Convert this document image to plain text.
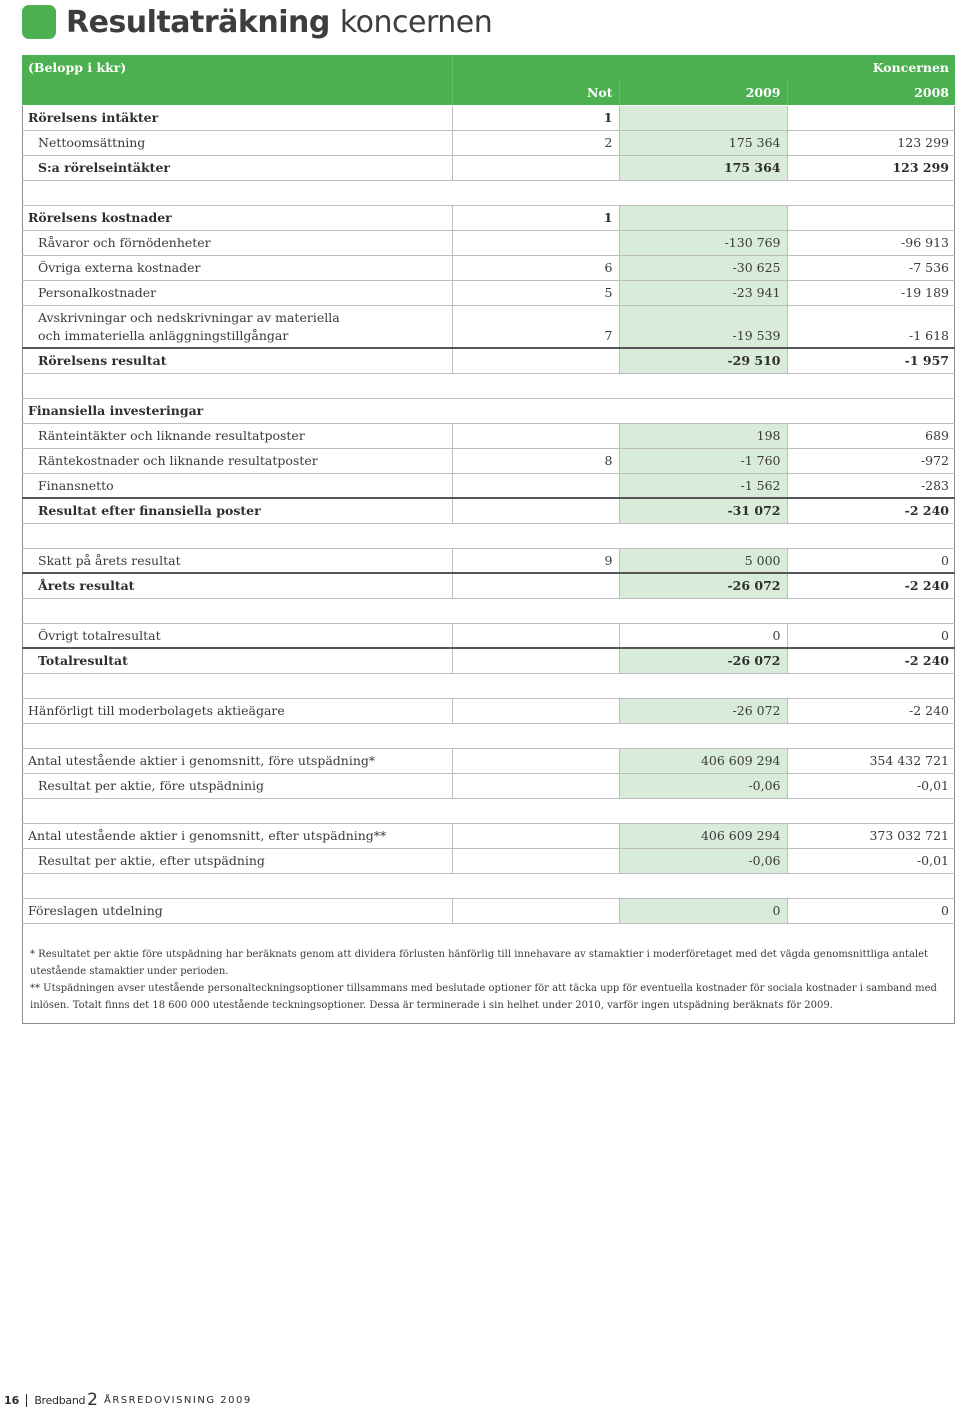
Resultaträkning koncernen
(Belopp i kkr)			Koncernen
	Not	2009	2008
Rörelsens intäkter	1		
Nettoomsättning	2	175 364	123 299
S:a rörelseintäkter		175 364	123 299

Rörelsens kostnader	1		
Råvaror och förnödenheter		-130 769	-96 913
Övriga externa kostnader	6	-30 625	-7 536
Personalkostnader	5	-23 941	-19 189
Avskrivningar och nedskrivningar av materiella och immateriella anläggningstillgångar	7	-19 539	-1 618
Rörelsens resultat		-29 510	-1 957

Finansiella investeringar			
Ränteintäkter och liknande resultatposter		198	689
Räntekostnader och liknande resultatposter	8	-1 760	-972
Finansnetto		-1 562	-283
Resultat efter finansiella poster		-31 072	-2 240

Skatt på årets resultat	9	5 000	0
Årets resultat		-26 072	-2 240

Övrigt totalresultat		0	0
Totalresultat		-26 072	-2 240

Hänförligt till moderbolagets aktieägare		-26 072	-2 240

Antal utestående aktier i genomsnitt, före utspädning*		406 609 294	354 432 721
Resultat per aktie, före utspädninig		-0,06	-0,01

Antal utestående aktier i genomsnitt, efter utspädning**		406 609 294	373 032 721
Resultat per aktie, efter utspädning		-0,06	-0,01

Föreslagen utdelning		0	0

* Resultatet per aktie före utspädning har beräknats genom att dividera förlusten hänförlig till innehavare av stamaktier i moderföretaget med det vägda genomsnittliga antalet utestående stamaktier under perioden.

** Utspädningen avser utestående personalteckningsoptioner tillsammans med beslutade optioner för att täcka upp för eventuella kostnader för sociala kostnader i samband med inlösen. Totalt finns det 18 600 000 utestående teckningsoptioner. Dessa är terminerade i sin helhet under 2010, varför ingen utspädning beräknats för 2009.

16	Bredband 2 ÅRSREDOVISNING 2009
